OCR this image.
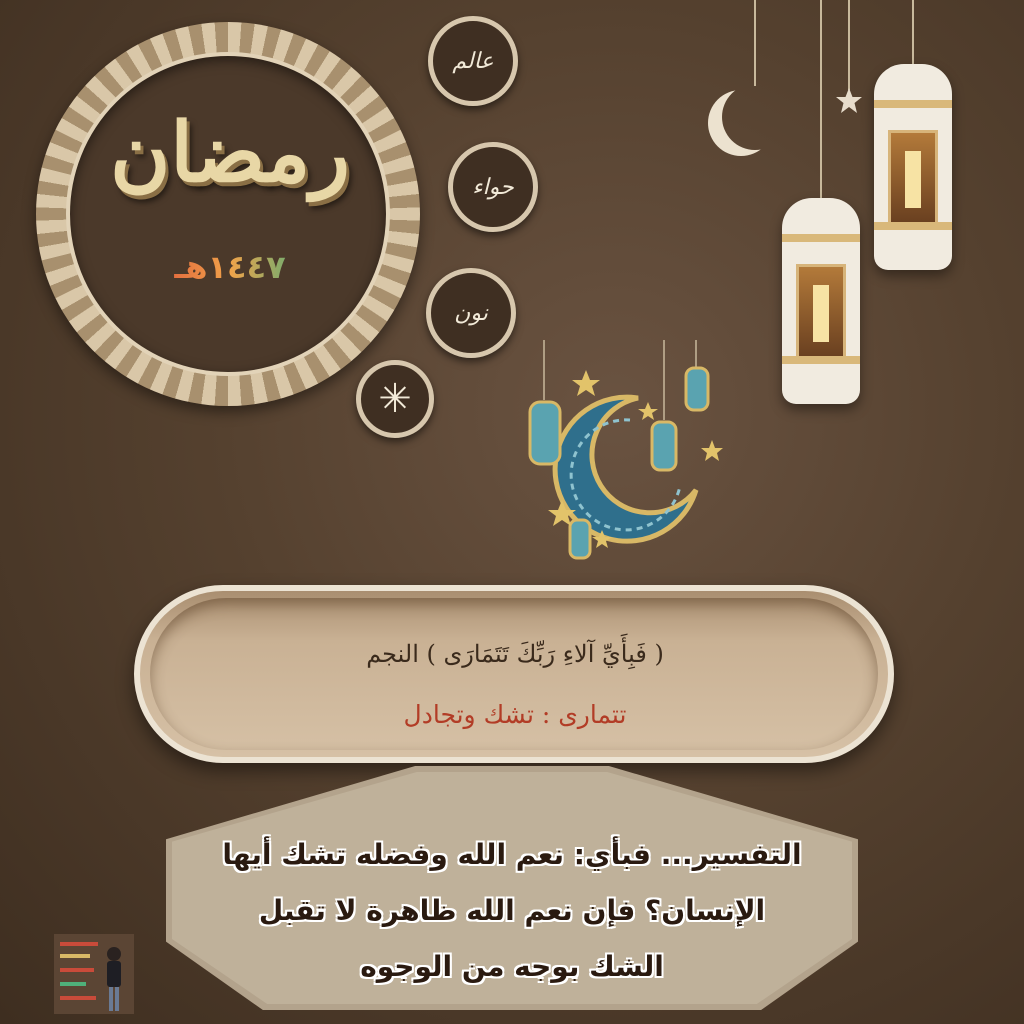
رمضان
١٤٤٧هـ
عالم
حواء
نون
✳
( فَبِأَيِّ آلاءِ رَبِّكَ تَتَمَارَى ) النجم
تتمارى : تشك وتجادل
التفسير... فبأي: نعم الله وفضله تشك أيها
الإنسان؟ فإن نعم الله ظاهرة لا تقبل
الشك بوجه من الوجوه
